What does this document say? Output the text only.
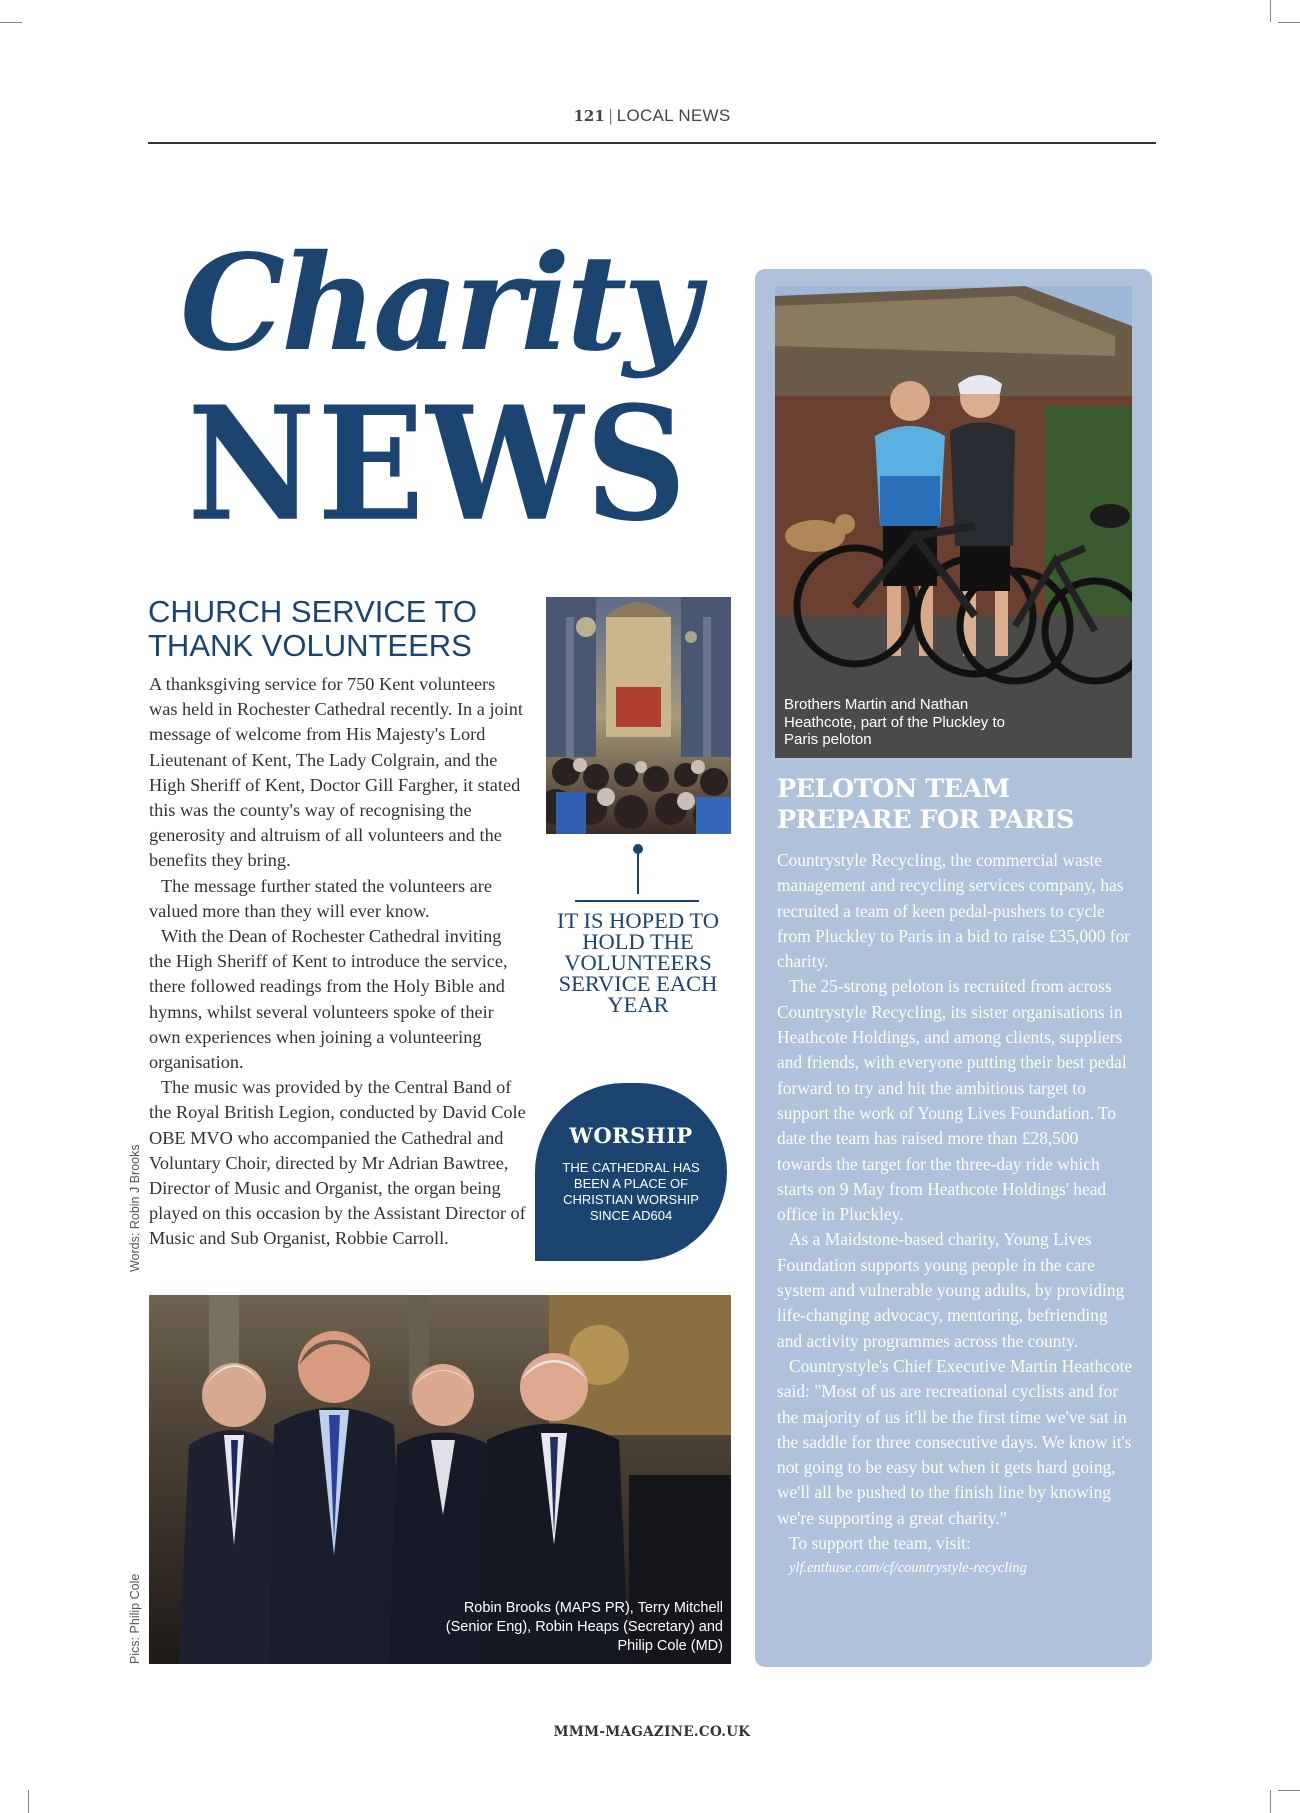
121 | LOCAL NEWS
Charity
NEWS
CHURCH SERVICE TO THANK VOLUNTEERS

A thanksgiving service for 750 Kent volunteers was held in Rochester Cathedral recently. In a joint message of welcome from His Majesty's Lord Lieutenant of Kent, The Lady Colgrain, and the High Sheriff of Kent, Doctor Gill Fargher, it stated this was the county's way of recognising the generosity and altruism of all volunteers and the benefits they bring.

The message further stated the volunteers are valued more than they will ever know.

With the Dean of Rochester Cathedral inviting the High Sheriff of Kent to introduce the service, there followed readings from the Holy Bible and hymns, whilst several volunteers spoke of their own experiences when joining a volunteering organisation.

The music was provided by the Central Band of the Royal British Legion, conducted by David Cole OBE MVO who accompanied the Cathedral and Voluntary Choir, directed by Mr Adrian Bawtree, Director of Music and Organist, the organ being played on this occasion by the Assistant Director of Music and Sub Organist, Robbie Carroll.

IT IS HOPED TO HOLD THE VOLUNTEERS SERVICE EACH YEAR
WORSHIP
THE CATHEDRAL HAS BEEN A PLACE OF CHRISTIAN WORSHIP SINCE AD604
Words: Robin J Brooks
Pics: Philip Cole	Robin Brooks (MAPS PR), Terry Mitchell (Senior Eng), Robin Heaps (Secretary) and Philip Cole (MD)
Brothers Martin and Nathan Heathcote, part of the Pluckley to Paris peloton
PELOTON TEAM PREPARE FOR PARIS

Countrystyle Recycling, the commercial waste management and recycling services company, has recruited a team of keen pedal-pushers to cycle from Pluckley to Paris in a bid to raise £35,000 for charity.

The 25-strong peloton is recruited from across Countrystyle Recycling, its sister organisations in Heathcote Holdings, and among clients, suppliers and friends, with everyone putting their best pedal forward to try and hit the ambitious target to support the work of Young Lives Foundation. To date the team has raised more than £28,500 towards the target for the three-day ride which starts on 9 May from Heathcote Holdings' head office in Pluckley.

As a Maidstone-based charity, Young Lives Foundation supports young people in the care system and vulnerable young adults, by providing life-changing advocacy, mentoring, befriending and activity programmes across the county.

Countrystyle's Chief Executive Martin Heathcote said: "Most of us are recreational cyclists and for the majority of us it'll be the first time we've sat in the saddle for three consecutive days. We know it's not going to be easy but when it gets hard going, we'll all be pushed to the finish line by knowing we're supporting a great charity."

To support the team, visit:

ylf.enthuse.com/cf/countrystyle-recycling

MMM-MAGAZINE.CO.UK
